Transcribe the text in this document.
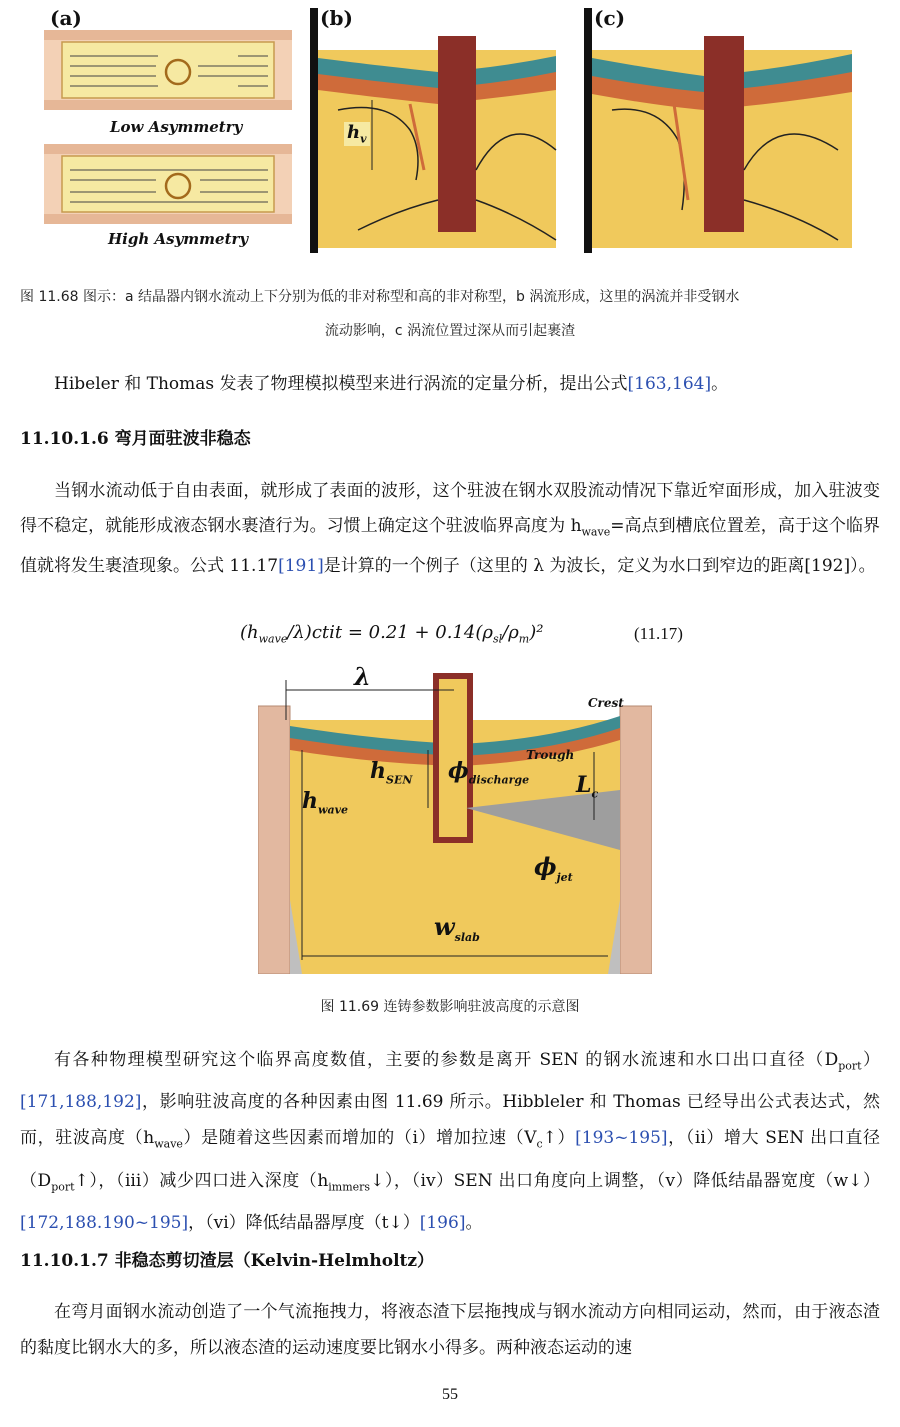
(a)	(b)	(c)
Low Asymmetry
High Asymmetry
$h_v$
图 11.68 图示：a 结晶器内钢水流动上下分别为低的非对称型和高的非对称型，b 涡流形成，这里的涡流并非受钢水
流动影响，c 涡流位置过深从而引起裹渣
Hibeler 和 Thomas 发表了物理模拟模型来进行涡流的定量分析，提出公式[163,164]。
11.10.1.6 弯月面驻波非稳态
当钢水流动低于自由表面，就形成了表面的波形，这个驻波在钢水双股流动情况下靠近窄面形成，加入驻波变得不稳定，就能形成液态钢水裹渣行为。习惯上确定这个驻波临界高度为 $h_{wave}=$高点到槽底位置差，高于这个临界值就将发生裹渣现象。公式 11.17[191]是计算的一个例子（这里的 λ 为波长，定义为水口到窄边的距离[192]）。
$(h_{wave}/\lambda)ctit = 0.21 + 0.14(\rho_{sl}/\rho_m)^2$	(11.17)
λ
Crest
Trough
$h_{SEN}$ $\phi_{discharge}$ $L_c$
$h_{wave}$
$\phi_{jet}$
$w_{slab}$
图 11.69 连铸参数影响驻波高度的示意图
有各种物理模型研究这个临界高度数值，主要的参数是离开 SEN 的钢水流速和水口出口直径$(D_{port})[171,188,192]$，影响驻波高度的各种因素由图 11.69 所示。Hibbleler 和 Thomas 已经导出公式表达式，然而，驻波高度$(h_{wave})$是随着这些因素而增加的（i）增加拉速$(V_c↑)[193\sim 195]$，（ii）增大 SEN 出口直径$(D_{port}↑)$，（iii）减少四口进入深度$(h_{immers}↓)$，（iv）SEN 出口角度向上调整，（v）降低结晶器宽度（w↓）[172,188.190~195]，（vi）降低结晶器厚度（t↓）[196]。
11.10.1.7 非稳态剪切渣层（Kelvin-Helmholtz）
在弯月面钢水流动创造了一个气流拖拽力，将液态渣下层拖拽成与钢水流动方向相同运动，然而，由于液态渣的黏度比钢水大的多，所以液态渣的运动速度要比钢水小得多。两种液态运动的速
55
